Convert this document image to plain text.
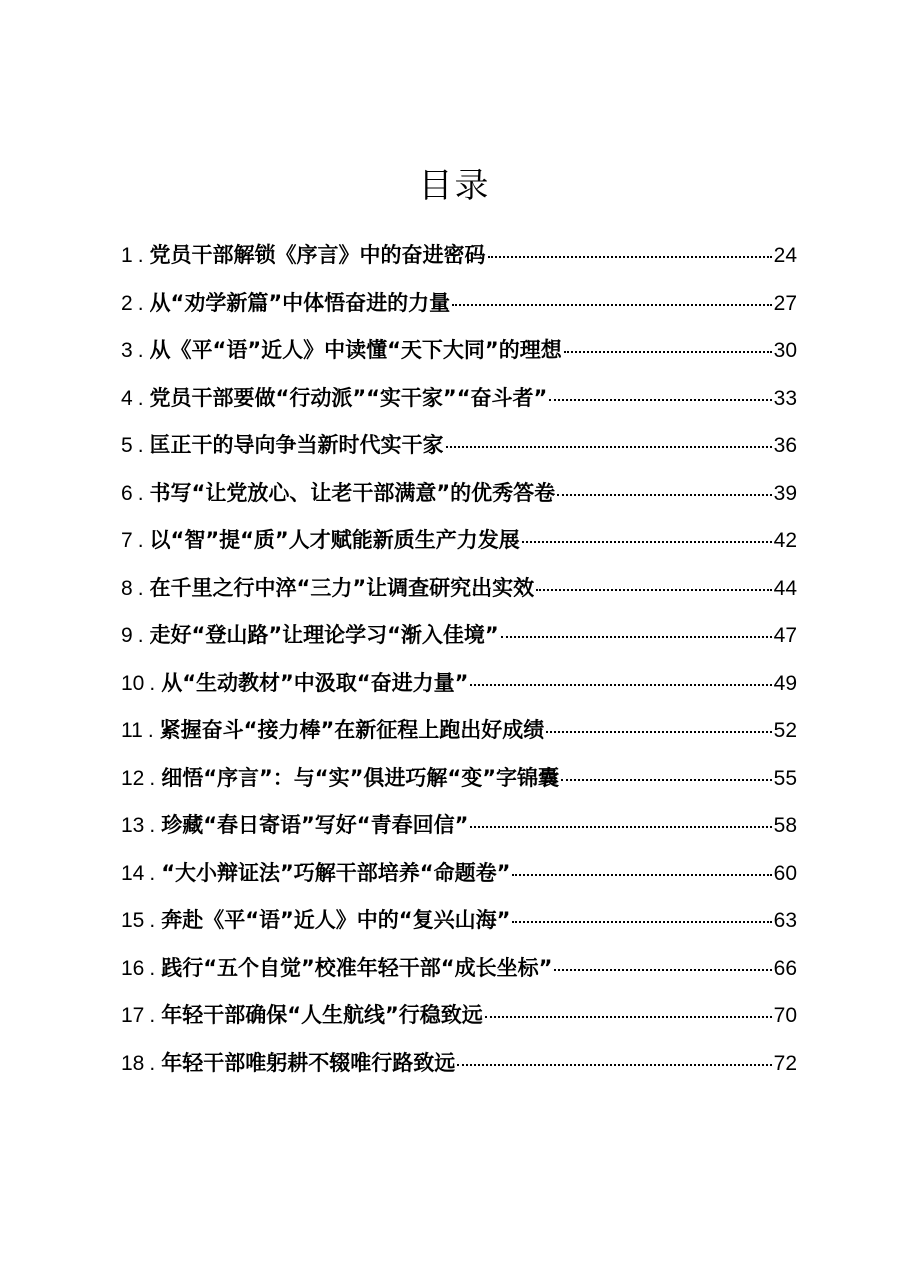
目录
1 . 党员干部解锁《序言》中的奋进密码	24
2 . 从“劝学新篇”中体悟奋进的力量	27
3 . 从《平“语”近人》中读懂“天下大同”的理想	30
4 . 党员干部要做“行动派”“实干家”“奋斗者”	33
5 . 匡正干的导向争当新时代实干家	36
6 . 书写“让党放心、让老干部满意”的优秀答卷	39
7 . 以“智”提“质”人才赋能新质生产力发展	42
8 . 在千里之行中淬“三力”让调查研究出实效	44
9 . 走好“登山路”让理论学习“渐入佳境”	47
10 . 从“生动教材”中汲取“奋进力量”	49
11 . 紧握奋斗“接力棒”在新征程上跑出好成绩	52
12 . 细悟“序言”：与“实”俱进巧解“变”字锦囊	55
13 . 珍藏“春日寄语”写好“青春回信”	58
14 . “大小辩证法”巧解干部培养“命题卷”	60
15 . 奔赴《平“语”近人》中的“复兴山海”	63
16 . 践行“五个自觉”校准年轻干部“成长坐标”	66
17 . 年轻干部确保“人生航线”行稳致远	70
18 . 年轻干部唯躬耕不辍唯行路致远	72
